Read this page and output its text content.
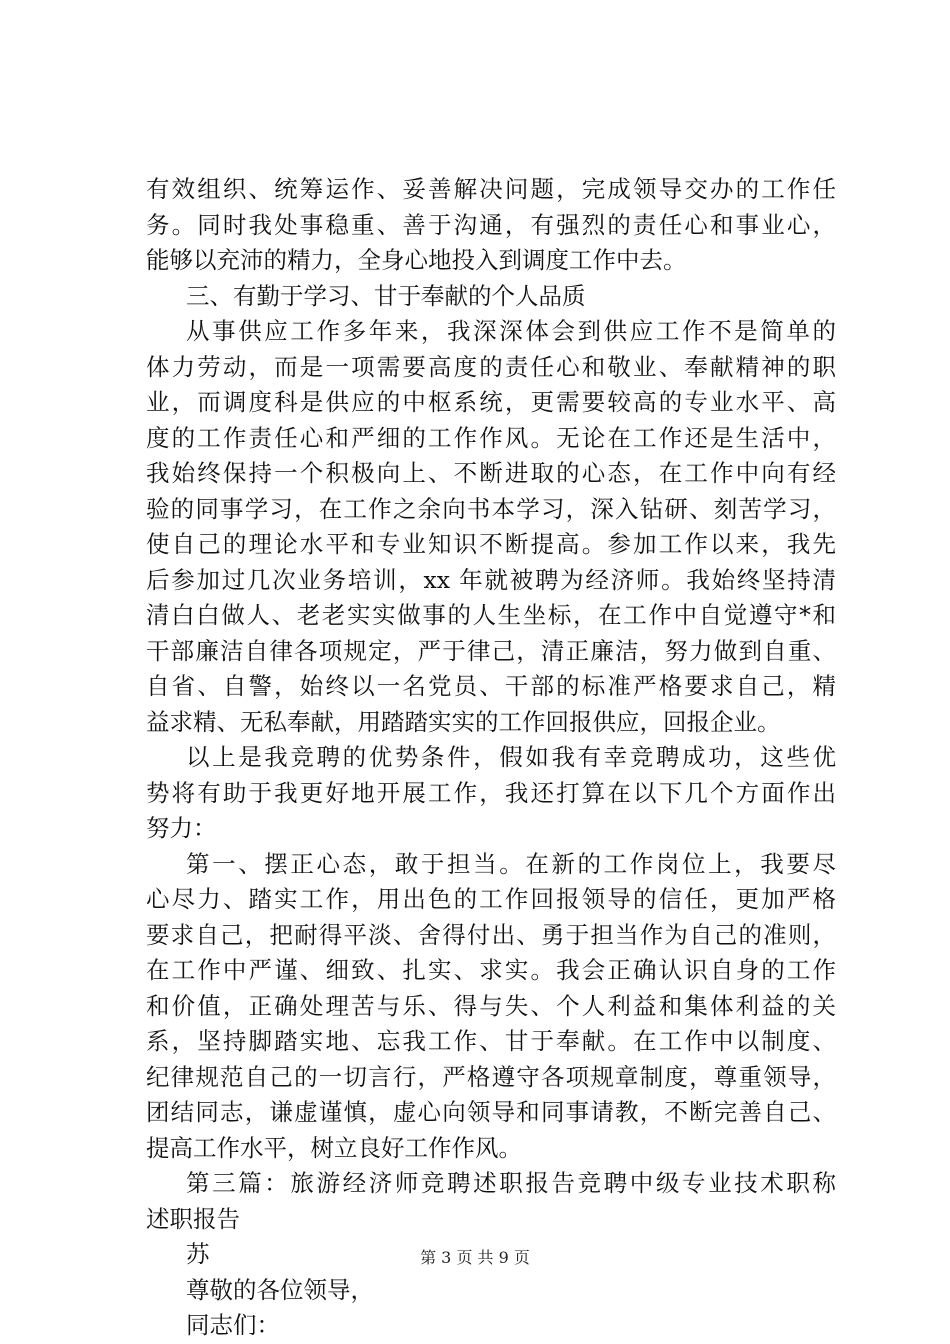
有效组织、统筹运作、妥善解决问题，完成领导交办的工作任
务。同时我处事稳重、善于沟通，有强烈的责任心和事业心，
能够以充沛的精力，全身心地投入到调度工作中去。
三、有勤于学习、甘于奉献的个人品质
从事供应工作多年来，我深深体会到供应工作不是简单的
体力劳动，而是一项需要高度的责任心和敬业、奉献精神的职
业，而调度科是供应的中枢系统，更需要较高的专业水平、高
度的工作责任心和严细的工作作风。无论在工作还是生活中，
我始终保持一个积极向上、不断进取的心态，在工作中向有经
验的同事学习，在工作之余向书本学习，深入钻研、刻苦学习，
使自己的理论水平和专业知识不断提高。参加工作以来，我先
后参加过几次业务培训，xx 年就被聘为经济师。我始终坚持清
清白白做人、老老实实做事的人生坐标，在工作中自觉遵守*和
干部廉洁自律各项规定，严于律己，清正廉洁，努力做到自重、
自省、自警，始终以一名党员、干部的标准严格要求自己，精
益求精、无私奉献，用踏踏实实的工作回报供应，回报企业。
以上是我竞聘的优势条件，假如我有幸竞聘成功，这些优
势将有助于我更好地开展工作，我还打算在以下几个方面作出
努力：
第一、摆正心态，敢于担当。在新的工作岗位上，我要尽
心尽力、踏实工作，用出色的工作回报领导的信任，更加严格
要求自己，把耐得平淡、舍得付出、勇于担当作为自己的准则，
在工作中严谨、细致、扎实、求实。我会正确认识自身的工作
和价值，正确处理苦与乐、得与失、个人利益和集体利益的关
系，坚持脚踏实地、忘我工作、甘于奉献。在工作中以制度、
纪律规范自己的一切言行，严格遵守各项规章制度，尊重领导，
团结同志，谦虚谨慎，虚心向领导和同事请教，不断完善自己、
提高工作水平，树立良好工作作风。
第三篇：旅游经济师竞聘述职报告竞聘中级专业技术职称
述职报告
苏
尊敬的各位领导，
同志们：
第 3 页 共 9 页
